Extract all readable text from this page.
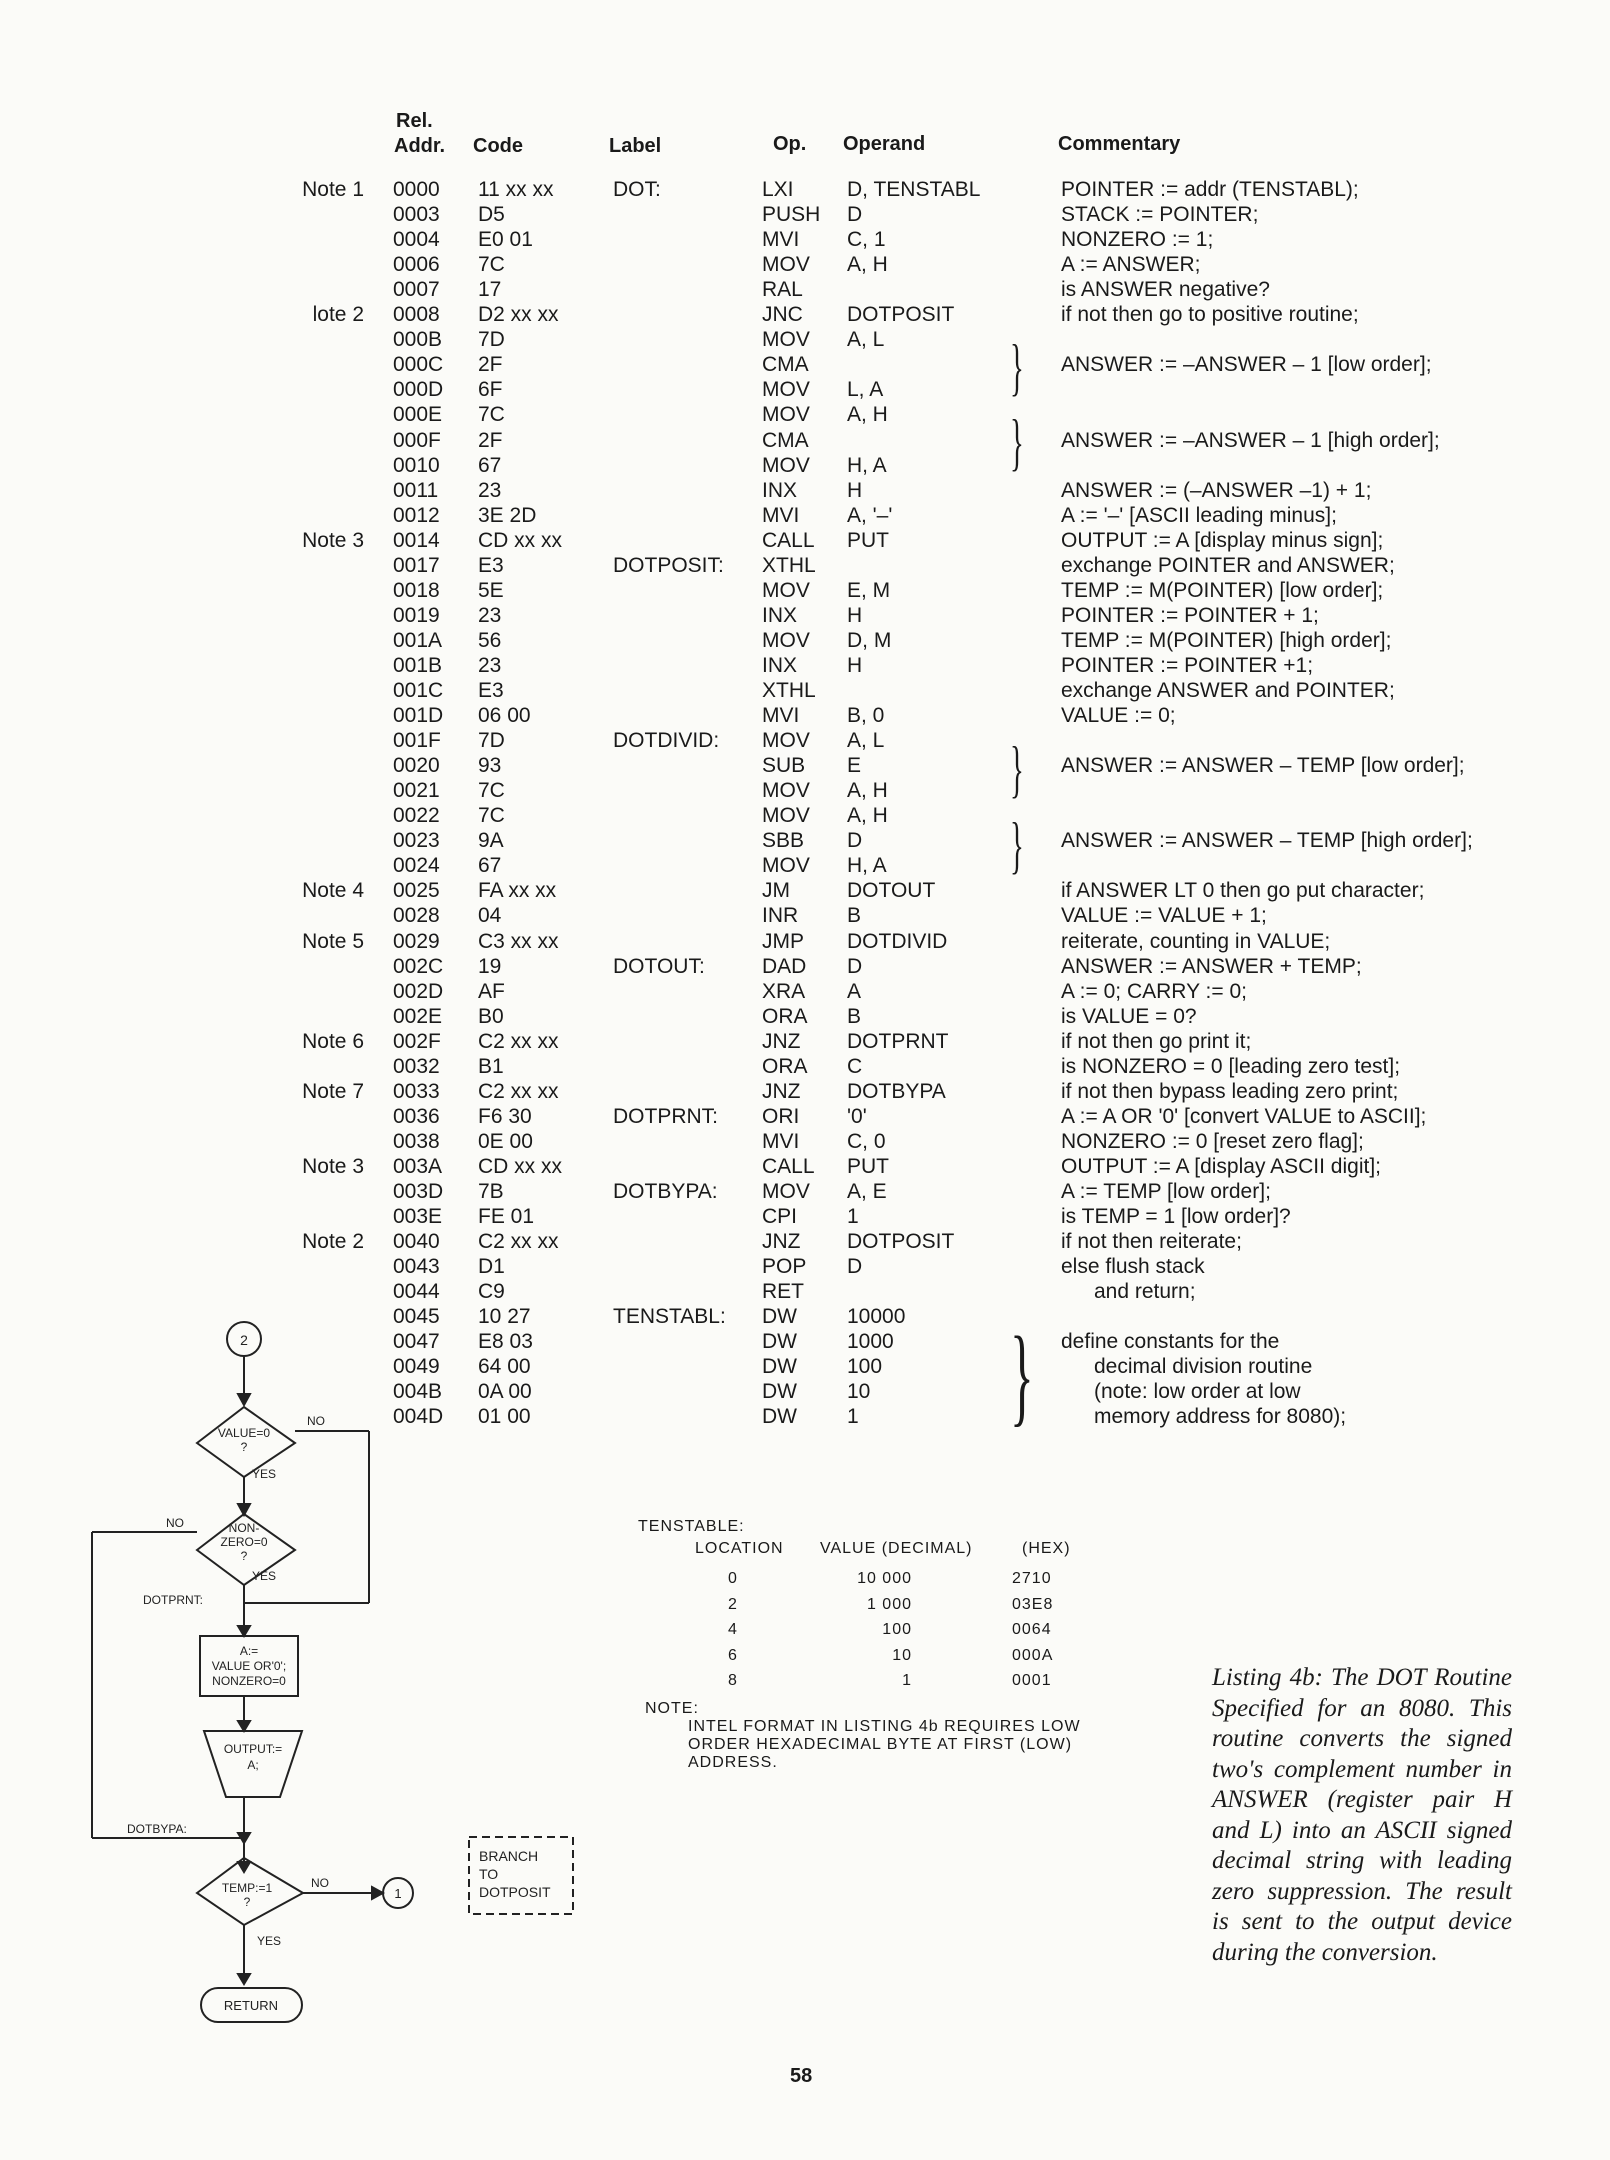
Rel.
Addr. Code	Label	Op. Operand	Commentary
Note 1 0000 11 xx xx	DOT:	LXI	D, TENSTABL	POINTER := addr (TENSTABL);
0003 D5	PUSH D	STACK := POINTER;
0004 E0 01	MVI C, 1	NONZERO := 1;
0006 7C	MOV A, H	A := ANSWER;
0007 17	RAL	is ANSWER negative?
lote 2 0008 D2 xx xx	JNC DOTPOSIT	if not then go to positive routine;
000B 7D	MOV A, L
000C 2F	CMA	ANSWER := –ANSWER – 1 [low order];
000D 6F	MOV L, A
000E 7C	MOV A, H
000F 2F	CMA	ANSWER := –ANSWER – 1 [high order];
0010 67	MOV H, A
0011 23	INX H	ANSWER := (–ANSWER –1) + 1;
0012 3E 2D	MVI A, '–'	A := '–' [ASCII leading minus];
Note 3 0014 CD xx xx	CALL PUT	OUTPUT := A [display minus sign];
0017 E3	DOTPOSIT: XTHL	exchange POINTER and ANSWER;
0018 5E	MOV E, M	TEMP := M(POINTER) [low order];
0019 23	INX H	POINTER := POINTER + 1;
001A 56	MOV D, M	TEMP := M(POINTER) [high order];
001B 23	INX H	POINTER := POINTER +1;
001C E3	XTHL	exchange ANSWER and POINTER;
001D 06 00	MVI B, 0	VALUE := 0;
001F 7D	DOTDIVID: MOV A, L
0020 93	SUB E	ANSWER := ANSWER – TEMP [low order];
0021 7C	MOV A, H
0022 7C	MOV A, H
0023 9A	SBB D	ANSWER := ANSWER – TEMP [high order];
0024 67	MOV H, A
Note 4 0025 FA xx xx	JM	DOTOUT	if ANSWER LT 0 then go put character;
0028 04	INR B	VALUE := VALUE + 1;
Note 5 0029 C3 xx xx	JMP DOTDIVID	reiterate, counting in VALUE;
002C 19	DOTOUT:	DAD D	ANSWER := ANSWER + TEMP;
002D AF	XRA A	A := 0; CARRY := 0;
002E B0	ORA B	is VALUE = 0?
Note 6 002F C2 xx xx	JNZ DOTPRNT	if not then go print it;
0032 B1	ORA C	is NONZERO = 0 [leading zero test];
Note 7 0033 C2 xx xx	JNZ DOTBYPA	if not then bypass leading zero print;
0036 F6 30	DOTPRNT: ORI '0'	A := A OR '0' [convert VALUE to ASCII];
0038 0E 00	MVI C, 0	NONZERO := 0 [reset zero flag];
Note 3 003A CD xx xx	CALL PUT	OUTPUT := A [display ASCII digit];
003D 7B	DOTBYPA: MOV A, E	A := TEMP [low order];
003E FE 01	CPI 1	is TEMP = 1 [low order]?
Note 2 0040 C2 xx xx	JNZ DOTPOSIT	if not then reiterate;
0043 D1	POP D	else flush stack
0044 C9	RET	and return;
0045 10 27	TENSTABL: DW 10000
0047 E8 03	DW 1000	define constants for the
0049 64 00	DW 100	decimal division routine
004B 0A 00	DW 10	(note: low order at low
004D 01 00	DW 1	memory address for 8080);
}
}
}
}
}
TENSTABLE:
LOCATION VALUE (DECIMAL)	(HEX)
0	10 000	2710
2	1 000	03E8
4	100	0064
6	10	000A
8	1	0001
NOTE:
INTEL FORMAT IN LISTING 4b REQUIRES LOW
ORDER HEXADECIMAL BYTE AT FIRST (LOW)
ADDRESS.
2
VALUE=0
?
NO
YES
NON-
ZERO=0
?
NO
YES
DOTPRNT:
A:=
VALUE OR'0';
NONZERO=0
OUTPUT:=
A;
DOTBYPA:
TEMP:=1
?
NO
1
YES
RETURN
BRANCH
TO
DOTPOSIT
Listing 4b: The DOT Routine Specified for an 8080. This routine converts the signed two's complement number in ANSWER (register pair H and L) into an ASCII signed decimal string with leading zero suppression. The result is sent to the output device during the conversion.
58
